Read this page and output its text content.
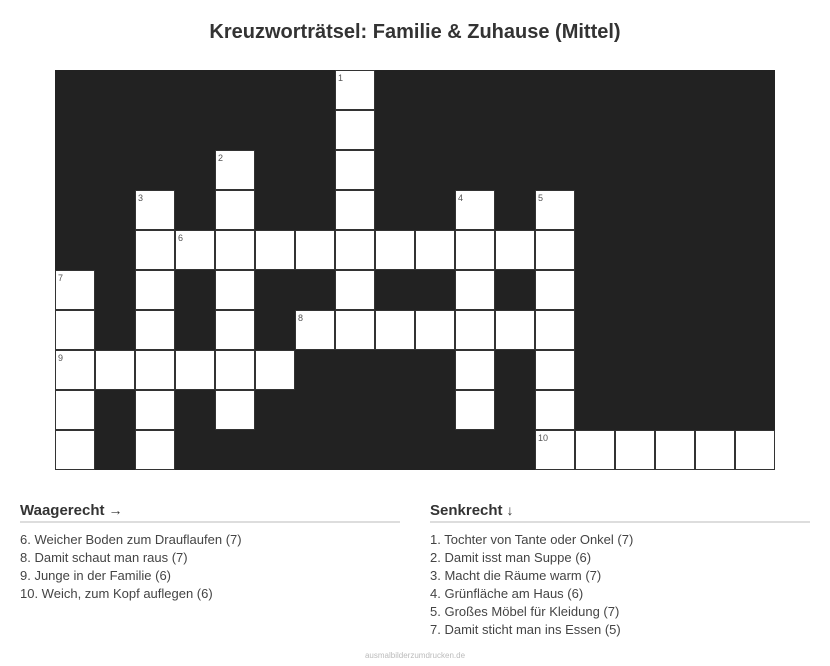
Kreuzworträtsel: Familie & Zuhause (Mittel)
1
2
3	4	5
10
7
9
6
8
Waagerecht →
6. Weicher Boden zum Drauflaufen (7)
8. Damit schaut man raus (7)
9. Junge in der Familie (6)
10. Weich, zum Kopf auflegen (6)
Senkrecht ↓
1. Tochter von Tante oder Onkel (7)
2. Damit isst man Suppe (6)
3. Macht die Räume warm (7)
4. Grünfläche am Haus (6)
5. Großes Möbel für Kleidung (7)
7. Damit sticht man ins Essen (5)
ausmalbilderzumdrucken.de
